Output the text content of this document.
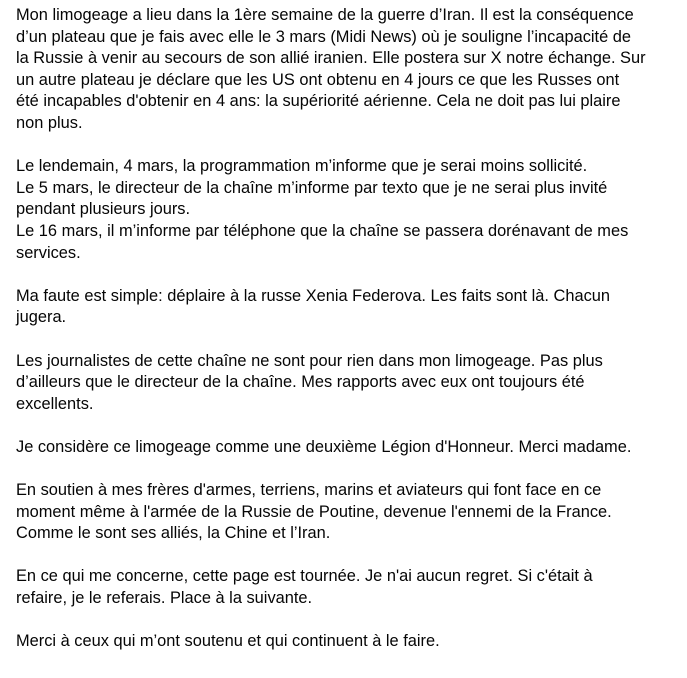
Mon limogeage a lieu dans la 1ère semaine de la guerre d’Iran. Il est la conséquence
d’un plateau que je fais avec elle le 3 mars (Midi News) où je souligne l’incapacité de
la Russie à venir au secours de son allié iranien. Elle postera sur X notre échange. Sur
un autre plateau je déclare que les US ont obtenu en 4 jours ce que les Russes ont
été incapables d'obtenir en 4 ans: la supériorité aérienne. Cela ne doit pas lui plaire
non plus.

Le lendemain, 4 mars, la programmation m’informe que je serai moins sollicité.
Le 5 mars, le directeur de la chaîne m’informe par texto que je ne serai plus invité
pendant plusieurs jours.
Le 16 mars, il m’informe par téléphone que la chaîne se passera dorénavant de mes
services.

Ma faute est simple: déplaire à la russe Xenia Federova. Les faits sont là. Chacun
jugera.

Les journalistes de cette chaîne ne sont pour rien dans mon limogeage. Pas plus
d’ailleurs que le directeur de la chaîne. Mes rapports avec eux ont toujours été
excellents.

Je considère ce limogeage comme une deuxième Légion d'Honneur. Merci madame.

En soutien à mes frères d'armes, terriens, marins et aviateurs qui font face en ce
moment même à l'armée de la Russie de Poutine, devenue l'ennemi de la France.
Comme le sont ses alliés, la Chine et l’Iran.

En ce qui me concerne, cette page est tournée. Je n'ai aucun regret. Si c'était à
refaire, je le referais. Place à la suivante.

Merci à ceux qui m’ont soutenu et qui continuent à le faire.
